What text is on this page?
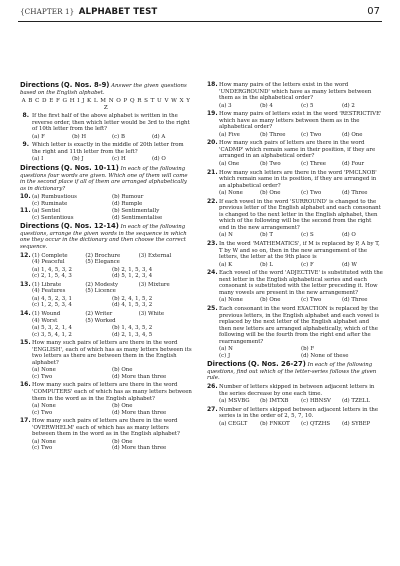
{CHAPTER 1} ALPHABET TEST	07
Directions (Q. Nos. 8-9) Answer the given questions based on the English alphabet.
A B C D E F G H I J K L M N O P Q R S T U V W X Y Z
8. If the first half of the above alphabet is written in the reverse order, then which letter would be 3rd to the right of 10th letter from the left?
(a) F	(b) H	(c) B	(d) A
9. Which letter is exactly in the middle of 20th letter from the right and 11th letter from the left?
(a) I	(b) J	(c) H	(d) O
Directions (Q. Nos. 10-11) In each of the following questions four words are given. Which one of them will come in the second place if all of them are arranged alphabetically as in dictionary?
10. (a) Rumbustious	(b) Rumour
(c) Ruminate	(d) Rumple
11. (a) Sentiel	(b) Sentimentally
(c) Sententious	(d) Sentimentalise
Directions (Q. Nos. 12-14) In each of the following questions, arrange the given words in the sequence in which one they occur in the dictionary and then choose the correct sequence.
12. (1) Complete	(2) Brochure	(3) External
(4) Peaceful	(5) Elegance
(a) 1, 4, 5, 3, 2	(b) 2, 1, 5, 3, 4
(c) 2, 1, 5, 4, 3	(d) 5, 1, 2, 3, 4
13. (1) Librate	(2) Modesty	(3) Mixture
(4) Features	(5) Licence
(a) 4, 5, 2, 3, 1	(b) 2, 4, 1, 5, 2
(c) 1, 2, 5, 3, 4	(d) 4, 1, 5, 3, 2
14. (1) Wound	(2) Writer	(3) White
(4) Worst	(5) Worked
(a) 5, 3, 2, 1, 4	(b) 1, 4, 3, 5, 2
(c) 3, 5, 4, 1, 2	(d) 2, 1, 3, 4, 5
15. How many such pairs of letters are there in the word 'ENGLISH', each of which has as many letters between its two letters as there are between them in the English alphabet?
(a) None	(b) One
(c) Two	(d) More than three
16. How many such pairs of letters are there in the word 'COMPUTERS' each of which has as many letters between them in the word as in the English alphabet?
(a) None	(b) One
(c) Two	(d) More than three
17. How many such pairs of letters are there in the word 'OVERWHELM' each of which has as many letters between them in the word as in the English alphabet?
(a) None	(b) One
(c) Two	(d) More than three
18. How many pairs of the letters exist in the word 'UNDERGROUND' which have as many letters between them as in the alphabetical order?
(a) 3	(b) 4	(c) 5	(d) 2
19. How many pairs of letters exist in the word 'RESTRICTIVE' which have as many letters between them as in the alphabetical order?
(a) Five	(b) Three	(c) Two	(d) One
20. How many such pairs of letters are there in the word 'CADMP' which remain same in their position, if they are arranged in an alphabetical order?
(a) One	(b) Two	(c) Three	(d) Four
21. How many such letters are there in the word 'PMCLNOB' which remain same in its position, if they are arranged in an alphabetical order?
(a) None	(b) One	(c) Two	(d) Three
22. If each vowel in the word 'SURROUND' is changed to the previous letter of the English alphabet and each consonant is changed to the next letter in the English alphabet, then which of the following will be the second from the right end in the new arrangement?
(a) N	(b) T	(c) S	(d) O
23. In the word 'MATHEMATICS', if M is replaced by P, A by T, T by W and so on, then in the new arrangement of the letters, the letter at the 9th place is
(a) K	(b) L	(c) F	(d) W
24. Each vowel of the word 'ADJECTIVE' is substituted with the next letter in the English alphabetical series and each consonant is substituted with the letter preceding it. How many vowels are present in the new arrangement?
(a) None	(b) One	(c) Two	(d) Three
25. Each consonant in the word EXACTION is replaced by the previous letters, in the English alphabet and each vowel is replaced by the next letter of the English alphabet and then new letters are arranged alphabetically, which of the following will be the fourth from the right end after the rearrangement?
(a) N	(b) F
(c) J	(d) None of these
Directions (Q. Nos. 26-27) In each of the following questions, find out which of the letter-series follows the given rule.
26. Number of letters skipped in between adjacent letters in the series decrease by one each time.
(a) MSVBG	(b) IMTXB	(c) HBNSV	(d) TZELL
27. Number of letters skipped between adjacent letters in the series is in the order of 2, 5, 7, 10.
(a) CEGLT	(b) FNKOT	(c) QTZHS	(d) SYBEP
